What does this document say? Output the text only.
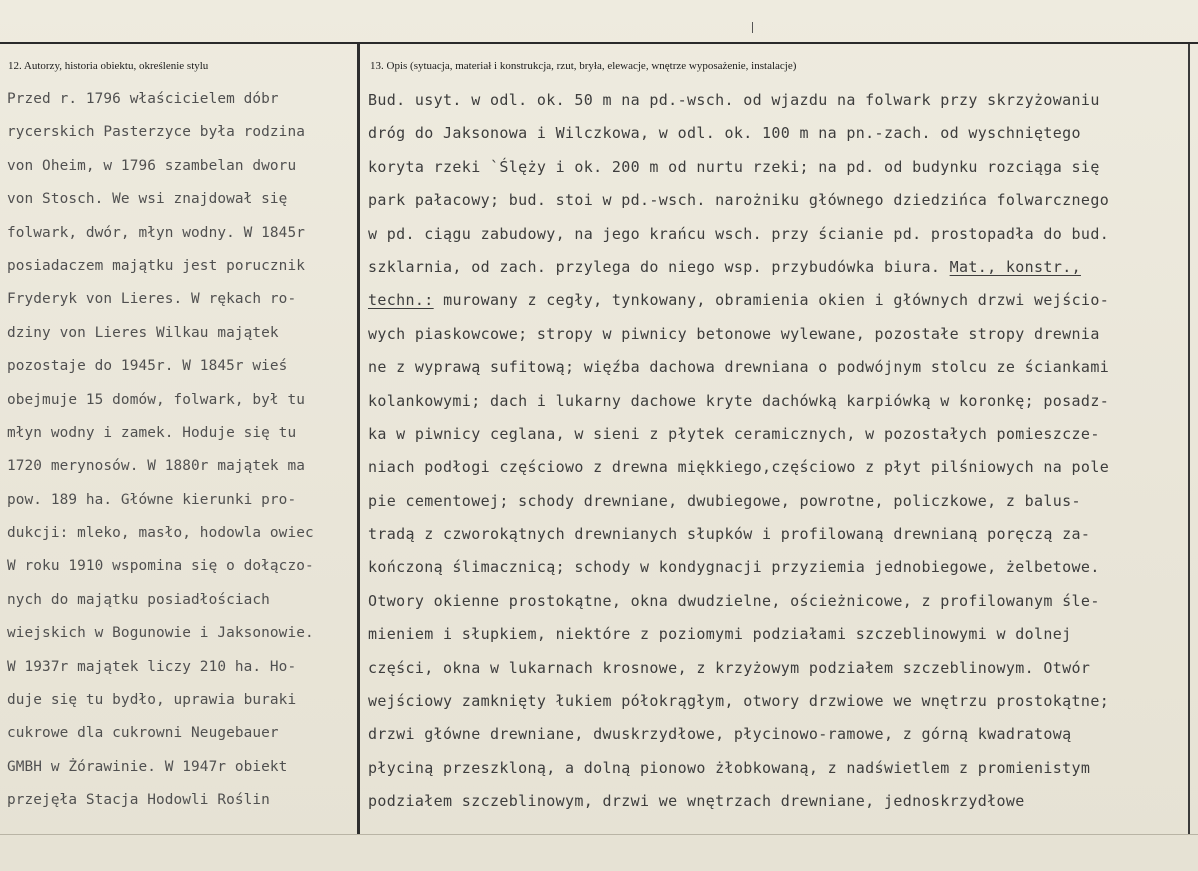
12. Autorzy, historia obiektu, określenie stylu	13. Opis (sytuacja, materiał i konstrukcja, rzut, bryła, elewacje, wnętrze wyposażenie, instalacje)
Przed r. 1796 właścicielem dóbr
rycerskich Pasterzyce była rodzina
von Oheim, w 1796 szambelan dworu
von Stosch. We wsi znajdował się
folwark, dwór, młyn wodny. W 1845r
posiadaczem majątku jest porucznik
Fryderyk von Lieres. W rękach ro-
dziny von Lieres Wilkau majątek
pozostaje do 1945r. W 1845r wieś
obejmuje 15 domów, folwark, był tu
młyn wodny i zamek. Hoduje się tu
1720 merynosów. W 1880r majątek ma
pow. 189 ha. Główne kierunki pro-
dukcji: mleko, masło, hodowla owiec
W roku 1910 wspomina się o dołączo-
nych do majątku posiadłościach
wiejskich w Bogunowie i Jaksonowie.
W 1937r majątek liczy 210 ha. Ho-
duje się tu bydło, uprawia buraki
cukrowe dla cukrowni Neugebauer
GMBH w Żórawinie. W 1947r obiekt
przejęła Stacja Hodowli Roślin
Bud. usyt. w odl. ok. 50 m na pd.-wsch. od wjazdu na folwark przy skrzyżowaniu
dróg do Jaksonowa i Wilczkowa, w odl. ok. 100 m na pn.-zach. od wyschniętego
koryta rzeki `Ślęży i ok. 200 m od nurtu rzeki; na pd. od budynku rozciąga się
park pałacowy; bud. stoi w pd.-wsch. narożniku głównego dziedzińca folwarcznego
w pd. ciągu zabudowy, na jego krańcu wsch. przy ścianie pd. prostopadła do bud.
szklarnia, od zach. przylega do niego wsp. przybudówka biura. Mat., konstr.,
techn.: murowany z cegły, tynkowany, obramienia okien i głównych drzwi wejścio-
wych piaskowcowe; stropy w piwnicy betonowe wylewane, pozostałe stropy drewnia
ne z wyprawą sufitową; więźba dachowa drewniana o podwójnym stolcu ze ściankami
kolankowymi; dach i lukarny dachowe kryte dachówką karpiówką w koronkę; posadz-
ka w piwnicy ceglana, w sieni z płytek ceramicznych, w pozostałych pomieszcze-
niach podłogi częściowo z drewna miękkiego,częściowo z płyt pilśniowych na pole
pie cementowej; schody drewniane, dwubiegowe, powrotne, policzkowe, z balus-
tradą z czworokątnych drewnianych słupków i profilowaną drewnianą poręczą za-
kończoną ślimacznicą; schody w kondygnacji przyziemia jednobiegowe, żelbetowe.
Otwory okienne prostokątne, okna dwudzielne, ościeżnicowe, z profilowanym śle-
mieniem i słupkiem, niektóre z poziomymi podziałami szczeblinowymi w dolnej
części, okna w lukarnach krosnowe, z krzyżowym podziałem szczeblinowym. Otwór
wejściowy zamknięty łukiem półokrągłym, otwory drzwiowe we wnętrzu prostokątne;
drzwi główne drewniane, dwuskrzydłowe, płycinowo-ramowe, z górną kwadratową
płyciną przeszkloną, a dolną pionowo żłobkowaną, z nadświetlem z promienistym
podziałem szczeblinowym, drzwi we wnętrzach drewniane, jednoskrzydłowe
